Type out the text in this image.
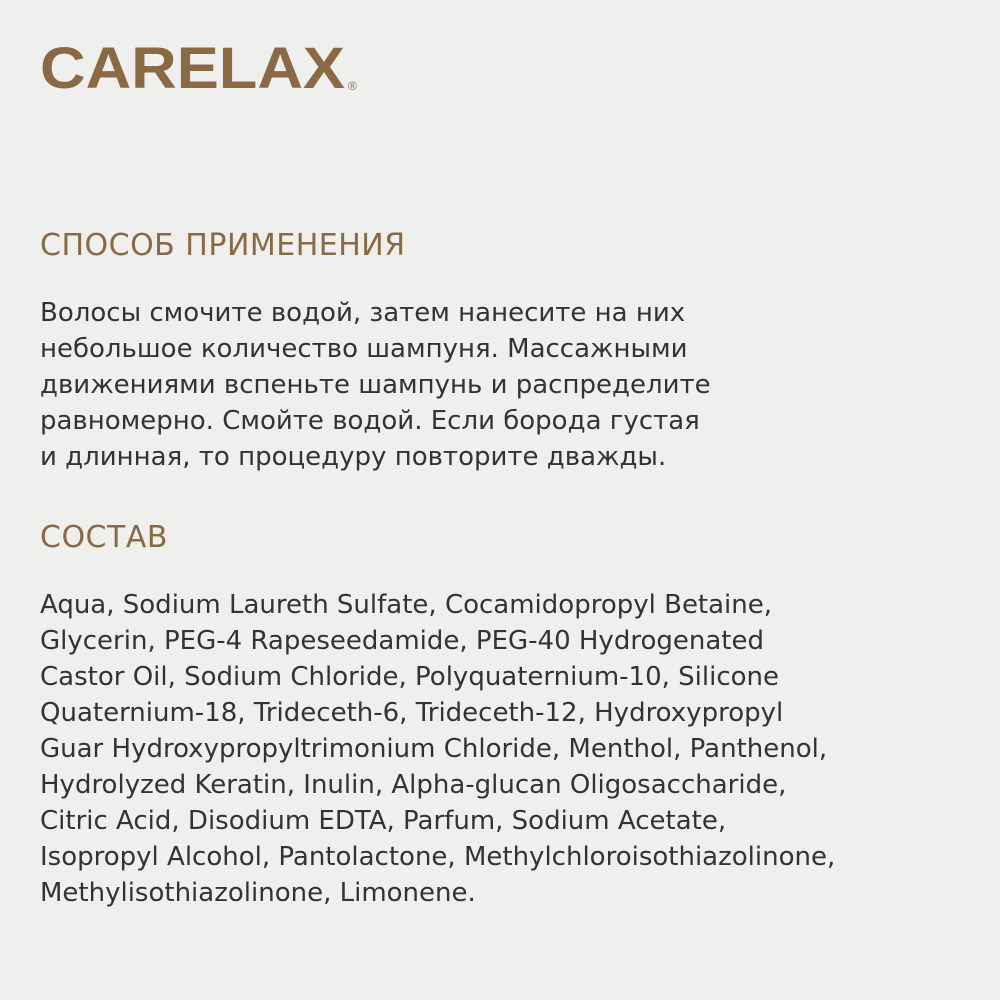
CARELAX ®
СПОСОБ ПРИМЕНЕНИЯ
Волосы смочите водой, затем нанесите на них
небольшое количество шампуня. Массажными
движениями вспеньте шампунь и распределите
равномерно. Смойте водой. Если борода густая
и длинная, то процедуру повторите дважды.
СОСТАВ
Aqua, Sodium Laureth Sulfate, Cocamidopropyl Betaine,
Glycerin, PEG-4 Rapeseedamide, PEG-40 Hydrogenated
Castor Oil, Sodium Chloride, Polyquaternium-10, Silicone
Quaternium-18, Trideceth-6, Trideceth-12, Hydroxypropyl
Guar Hydroxypropyltrimonium Chloride, Menthol, Panthenol,
Hydrolyzed Keratin, Inulin, Alpha-glucan Oligosaccharide,
Citric Acid, Disodium EDTA, Parfum, Sodium Acetate,
Isopropyl Alcohol, Pantolactone, Methylchloroisothiazolinone,
Methylisothiazolinone, Limonene.
